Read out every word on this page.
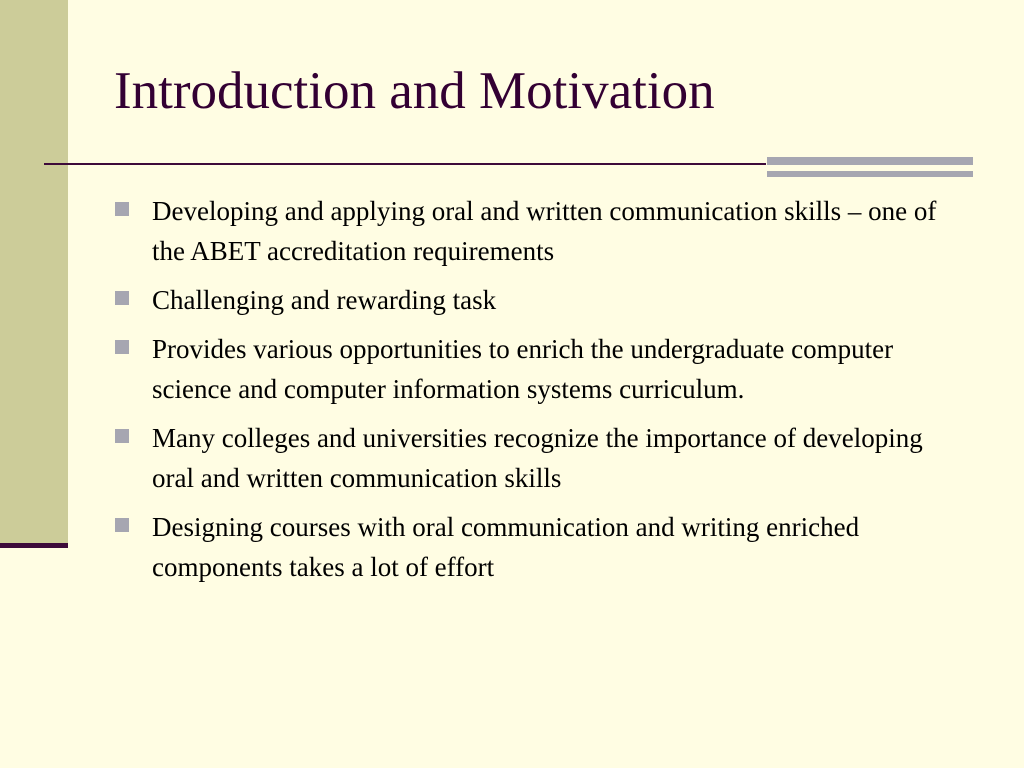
Introduction and Motivation
Developing and applying oral and written communication skills – one of the ABET accreditation requirements
Challenging and rewarding task
Provides various opportunities to enrich the undergraduate computer science and computer information systems curriculum.
Many colleges and universities recognize the importance of developing oral and written communication skills
Designing courses with oral communication and writing enriched components takes a lot of effort
